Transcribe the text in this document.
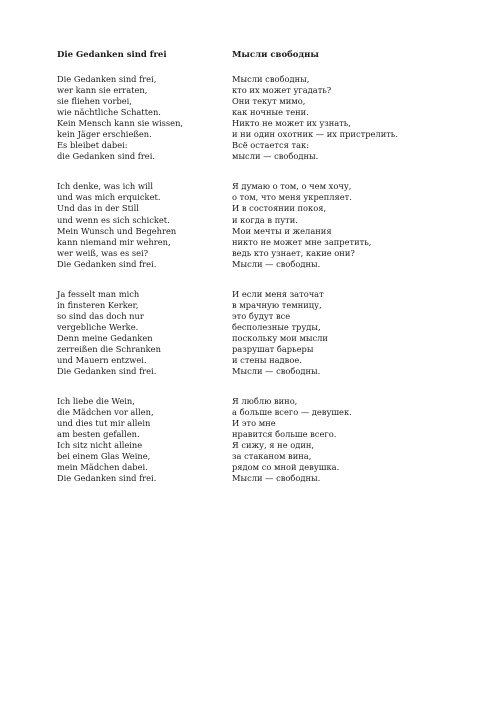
Die Gedanken sind frei
Die Gedanken sind frei,
wer kann sie erraten,
sie fliehen vorbei,
wie nächtliche Schatten.
Kein Mensch kann sie wissen,
kein Jäger erschießen.
Es bleibet dabei:
die Gedanken sind frei.
Ich denke, was ich will
und was mich erquicket.
Und das in der Still
und wenn es sich schicket.
Mein Wunsch und Begehren
kann niemand mir wehren,
wer weiß, was es sei?
Die Gedanken sind frei.
Ja fesselt man mich
in finsteren Kerker,
so sind das doch nur
vergebliche Werke.
Denn meine Gedanken
zerreißen die Schranken
und Mauern entzwei.
Die Gedanken sind frei.
Ich liebe die Wein,
die Mädchen vor allen,
und dies tut mir allein
am besten gefallen.
Ich sitz nicht alleine
bei einem Glas Weine,
mein Mädchen dabei.
Die Gedanken sind frei.
Мысли свободны
Мысли свободны,
кто их может угадать?
Они текут мимо,
как ночные тени.
Никто не может их узнать,
и ни один охотник — их пристрелить.
Всё остается так:
мысли — свободны.
Я думаю о том, о чем хочу,
о том, что меня укрепляет.
И в состоянии покоя,
и когда в пути.
Мои мечты и желания
никто не может мне запретить,
ведь кто узнает, какие они?
Мысли — свободны.
И если меня заточат
в мрачную темницу,
это будут все
бесполезные труды,
поскольку мои мысли
разрушат барьеры
и стены надвое.
Мысли — свободны.
Я люблю вино,
а больше всего — девушек.
И это мне
нравится больше всего.
Я сижу, я не один,
за стаканом вина,
рядом со мной девушка.
Мысли — свободны.
